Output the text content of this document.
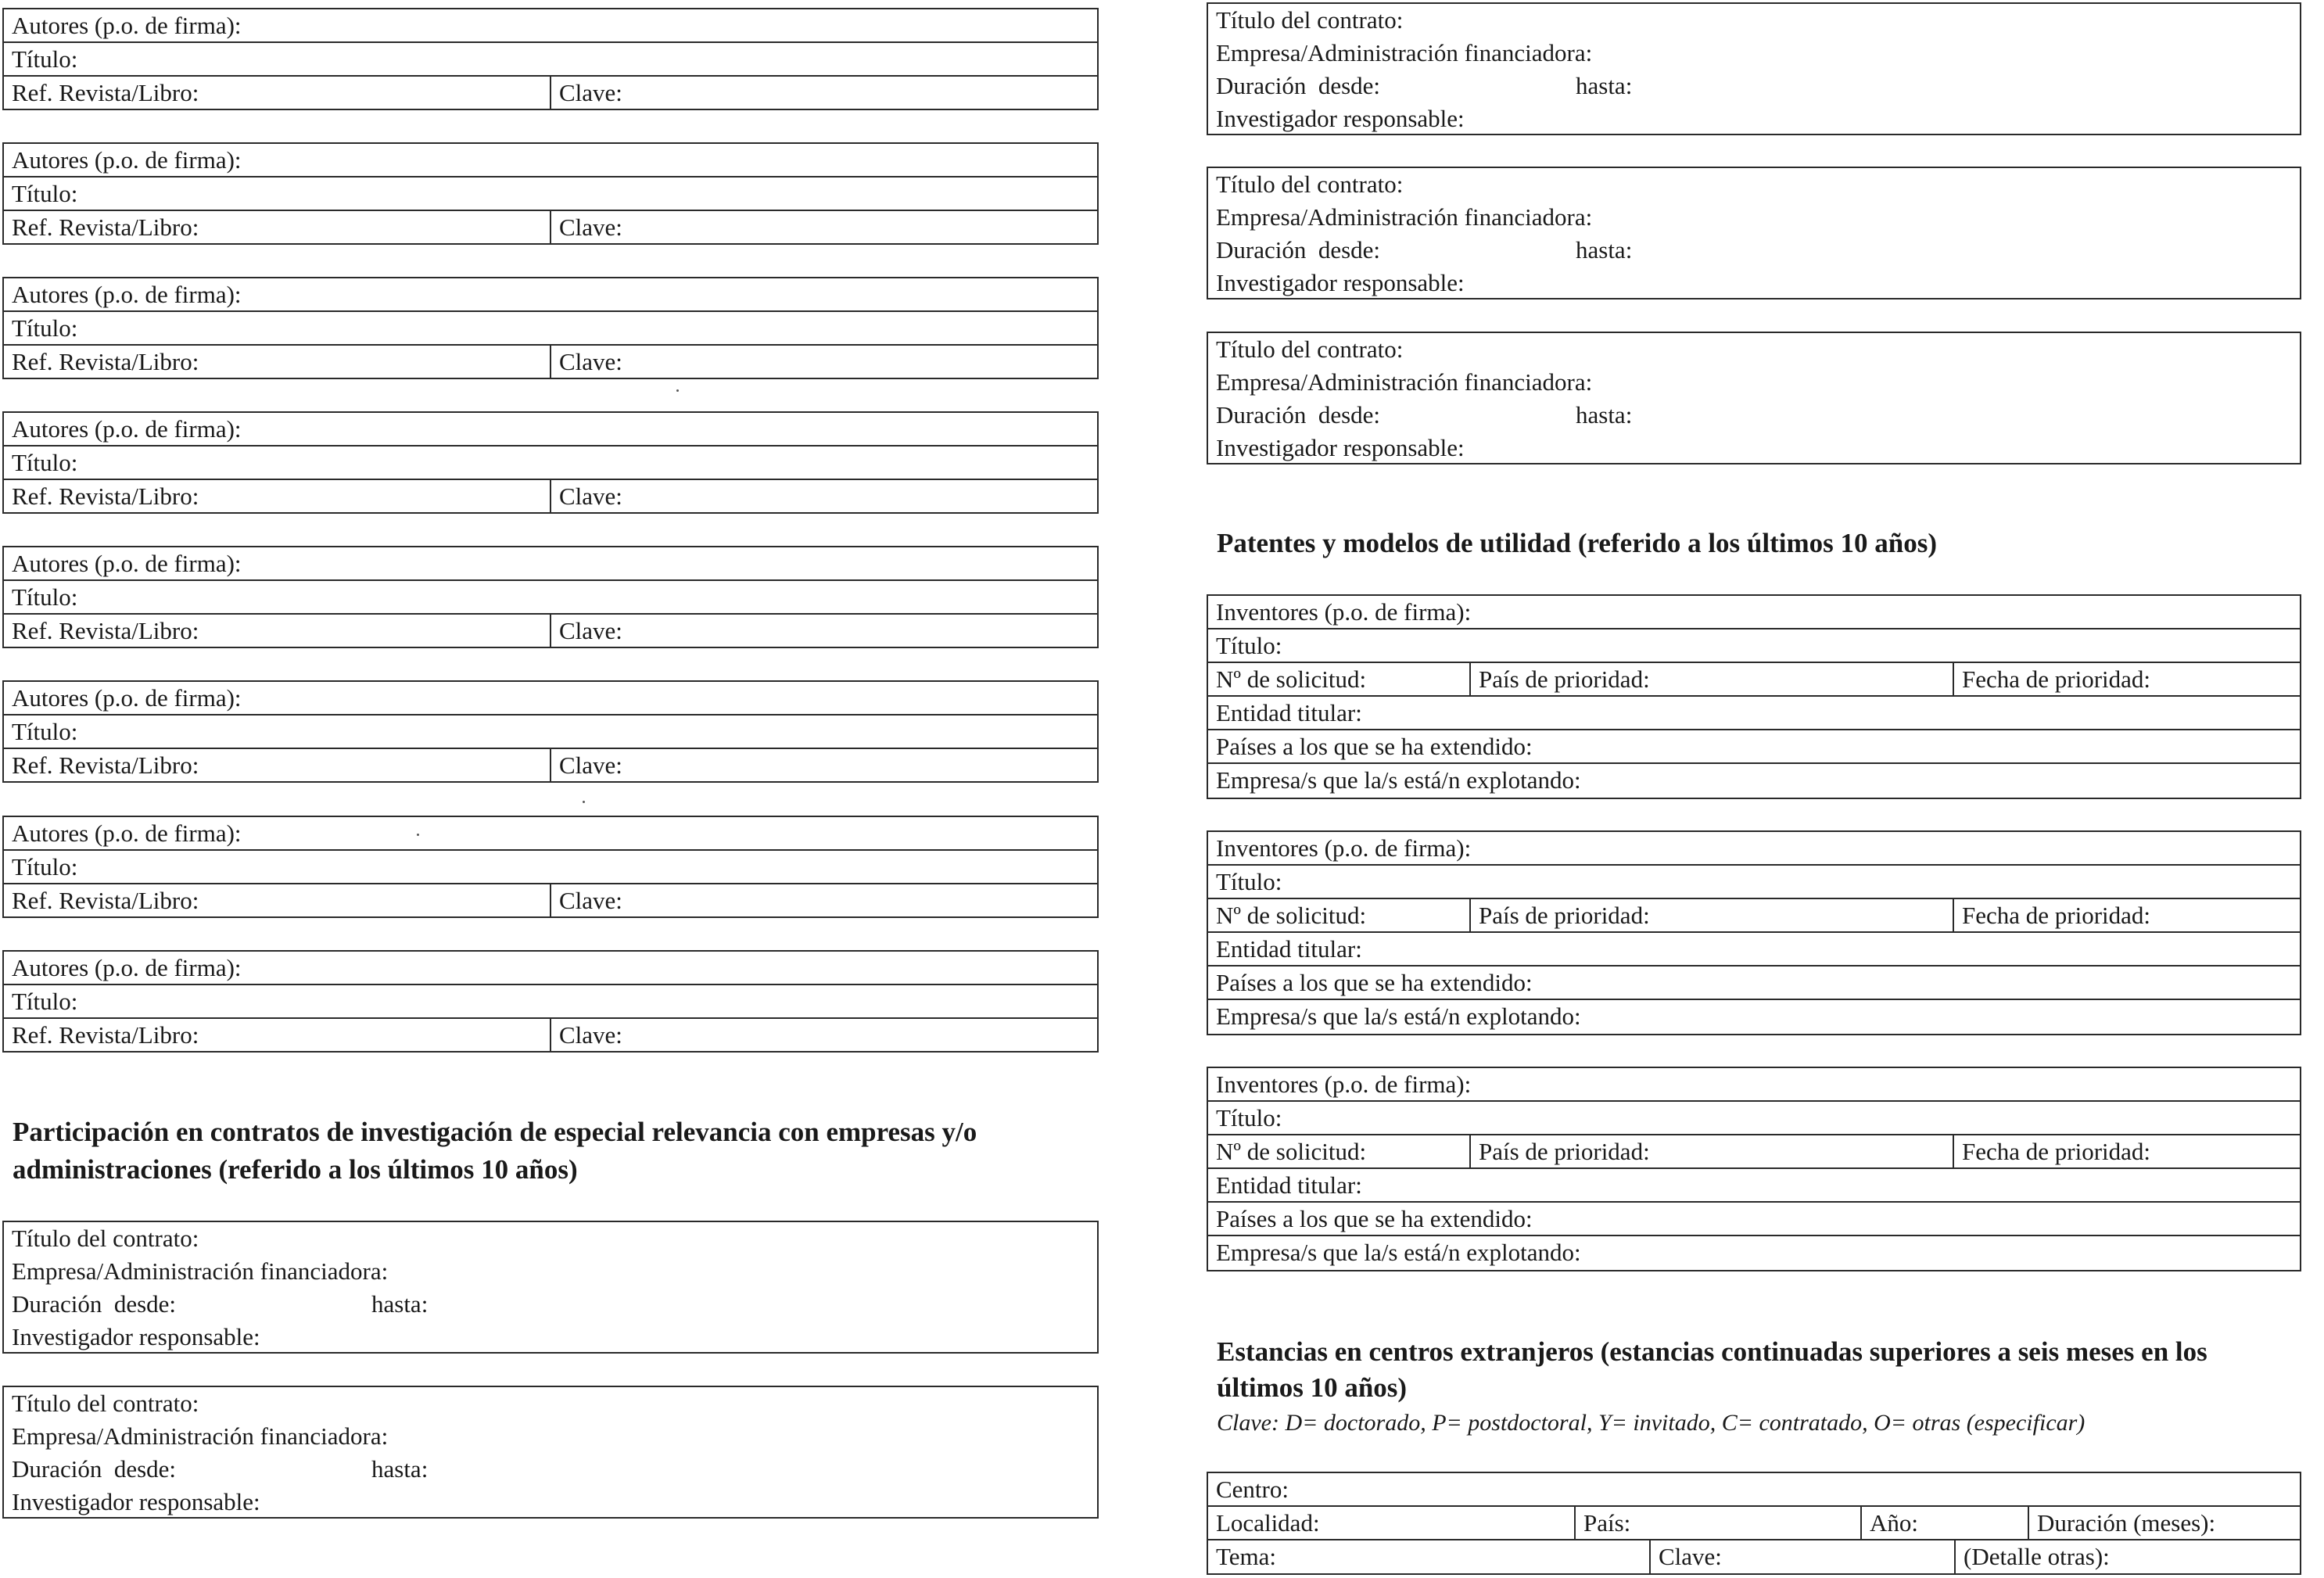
Autores (p.o. de firma):
Título:
Ref. Revista/Libro:	Clave:
Autores (p.o. de firma):
Título:
Ref. Revista/Libro:	Clave:
Autores (p.o. de firma):
Título:
Ref. Revista/Libro:	Clave:
Autores (p.o. de firma):
Título:
Ref. Revista/Libro:	Clave:
Autores (p.o. de firma):
Título:
Ref. Revista/Libro:	Clave:
Autores (p.o. de firma):
Título:
Ref. Revista/Libro:	Clave:
Autores (p.o. de firma):
Título:
Ref. Revista/Libro:	Clave:
Autores (p.o. de firma):
Título:
Ref. Revista/Libro:	Clave:
Participación en contratos de investigación de especial relevancia con empresas y/o
administraciones (referido a los últimos 10 años)
Título del contrato:
Empresa/Administración financiadora:
Duración  desde:	hasta:
Investigador responsable:
Título del contrato:
Empresa/Administración financiadora:
Duración  desde:	hasta:
Investigador responsable:
Título del contrato:
Empresa/Administración financiadora:
Duración  desde:	hasta:
Investigador responsable:
Título del contrato:
Empresa/Administración financiadora:
Duración  desde:	hasta:
Investigador responsable:
Título del contrato:
Empresa/Administración financiadora:
Duración  desde:	hasta:
Investigador responsable:
Patentes y modelos de utilidad (referido a los últimos 10 años)
Inventores (p.o. de firma):
Título:
Nº de solicitud:	País de prioridad:	Fecha de prioridad:
Entidad titular:
Países a los que se ha extendido:
Empresa/s que la/s está/n explotando:
Inventores (p.o. de firma):
Título:
Nº de solicitud:	País de prioridad:	Fecha de prioridad:
Entidad titular:
Países a los que se ha extendido:
Empresa/s que la/s está/n explotando:
Inventores (p.o. de firma):
Título:
Nº de solicitud:	País de prioridad:	Fecha de prioridad:
Entidad titular:
Países a los que se ha extendido:
Empresa/s que la/s está/n explotando:
Estancias en centros extranjeros (estancias continuadas superiores a seis meses en los
últimos 10 años)
Clave: D= doctorado, P= postdoctoral, Y= invitado, C= contratado, O= otras (especificar)
Centro:
Localidad:	País:	Año:	Duración (meses):
Tema:	Clave:	(Detalle otras):
